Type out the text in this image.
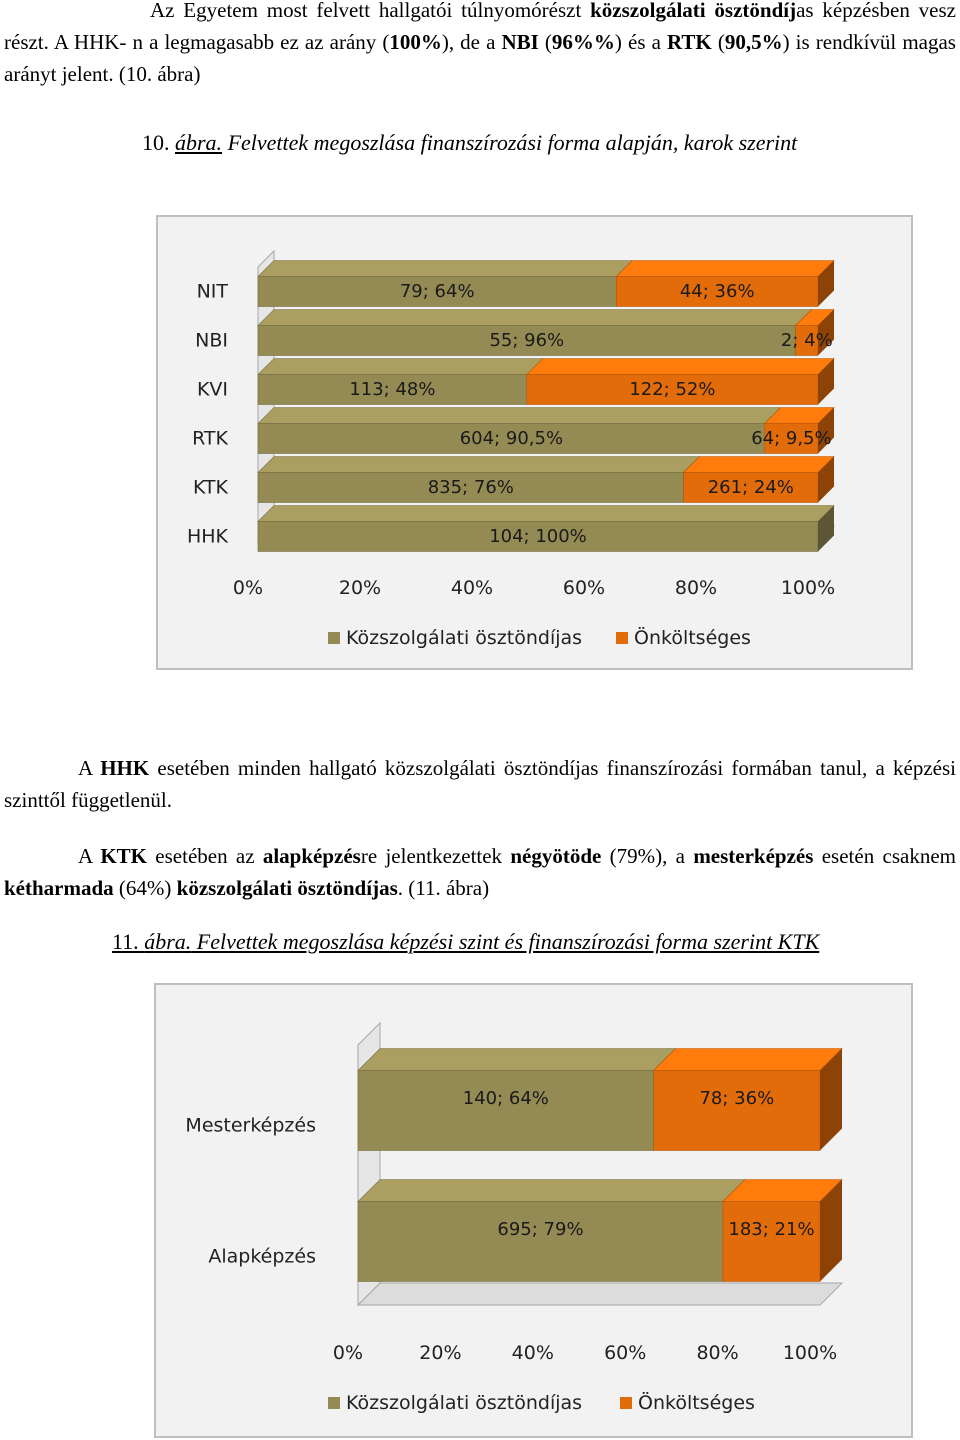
Az Egyetem most felvett hallgatói túlnyomórészt közszolgálati ösztöndíjas képzésben vesz részt. A HHK- n a legmagasabb ez az arány (100%), de a NBI (96%%) és a RTK (90,5%) is rendkívül magas arányt jelent. (10. ábra)

10. ábra. Felvettek megoszlása finanszírozási forma alapján, karok szerint
NIT	79; 64%	44; 36%
NBI	55; 96%	2; 4%
KVI	113; 48%	122; 52%
RTK	604; 90,5%	64; 9,5%
KTK	835; 76%	261; 24%
HHK	104; 100%
0%	20%	40%	60%	80%	100%
Közszolgálati ösztöndíjas	Önköltséges

A HHK esetében minden hallgató közszolgálati ösztöndíjas finanszírozási formában tanul, a képzési szinttől függetlenül.

A KTK esetében az alapképzésre jelentkezettek négyötöde (79%), a mesterképzés esetén csaknem kétharmada (64%) közszolgálati ösztöndíjas. (11. ábra)

11. ábra. Felvettek megoszlása képzési szint és finanszírozási forma szerint KTK
Mesterképzés
140; 64%	78; 36%
Alapképzés
695; 79%	183; 21%
0%	20%	40%	60%	80% 100%
Közszolgálati ösztöndíjas	Önköltséges
